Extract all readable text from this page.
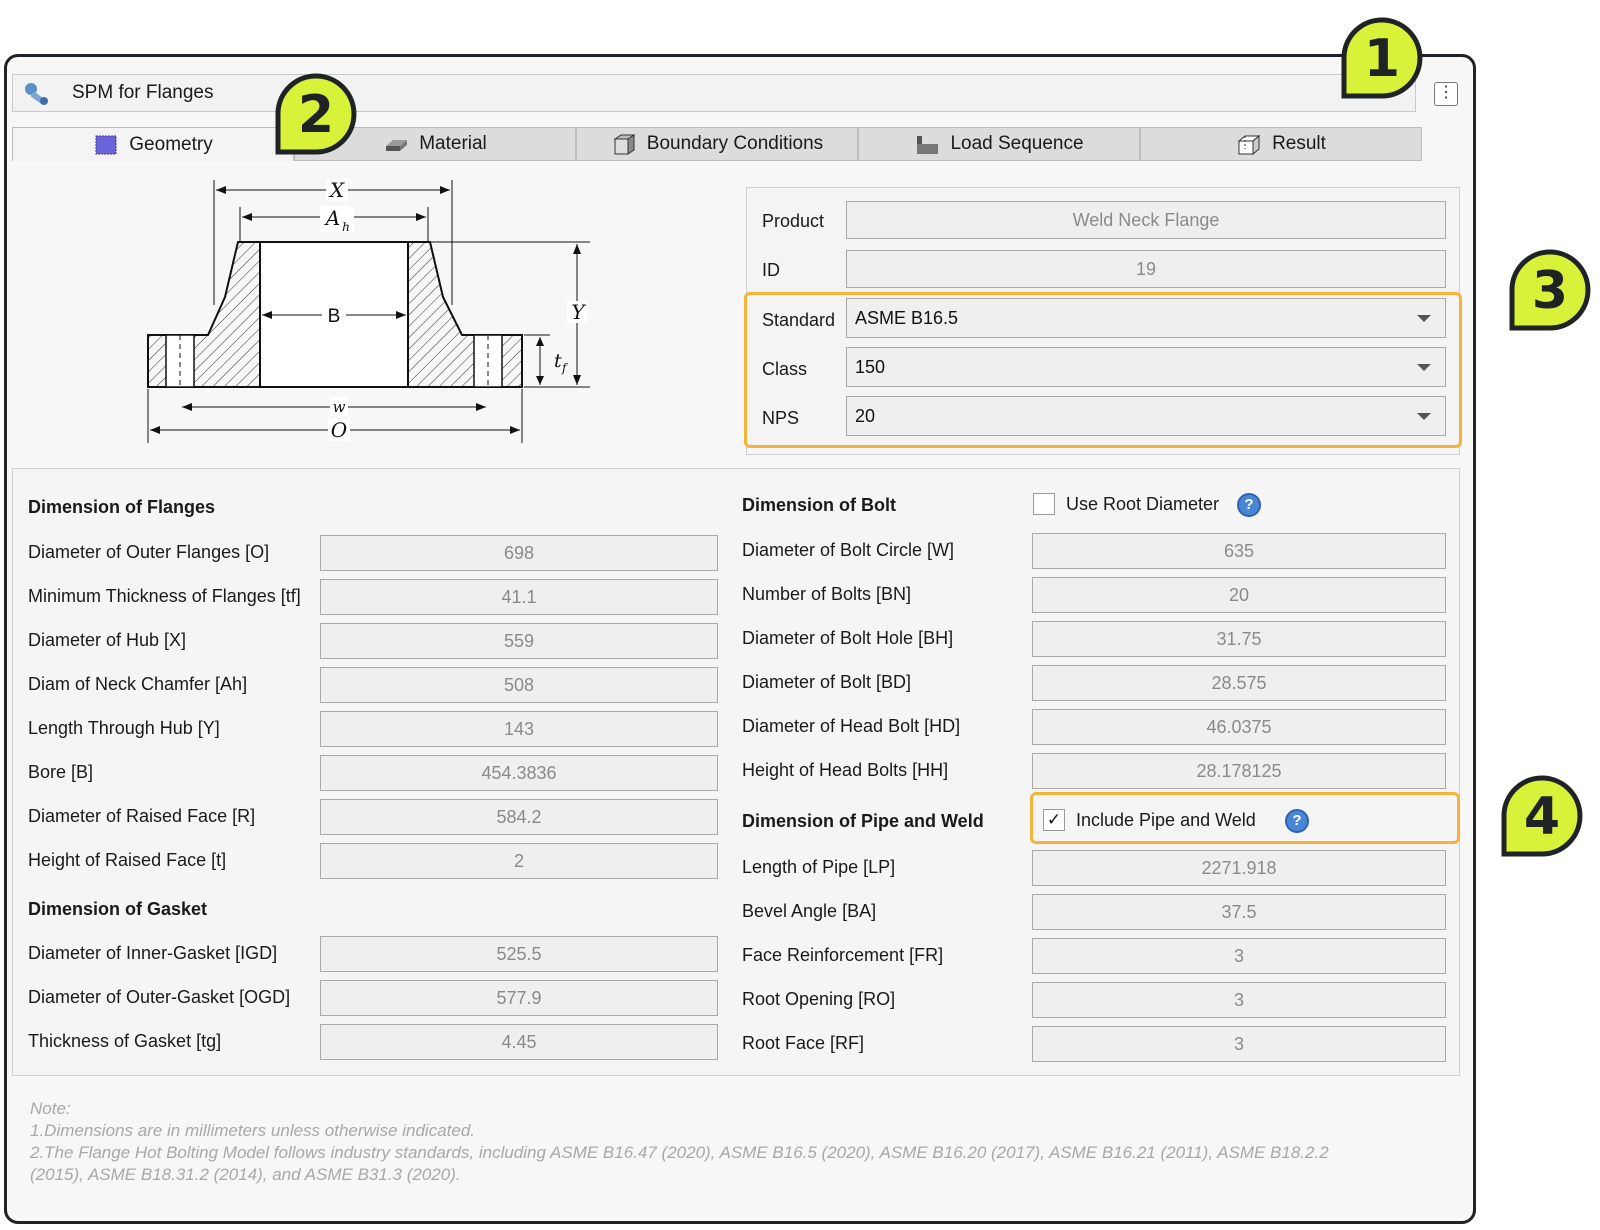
SPM for Flanges	⋮
Geometry	Material	Boundary Conditions	Load Sequence	Result
X
A h
B	Y
t f
w
O
Product	Weld Neck Flange
ID	19
Standard	ASME B16.5
Class	150
NPS	20
Dimension of Flanges
Diameter of Outer Flanges [O]	698
Minimum Thickness of Flanges [tf]	41.1
Diameter of Hub [X]	559
Diam of Neck Chamfer [Ah]	508
Length Through Hub [Y]	143
Bore [B]	454.3836
Diameter of Raised Face [R]	584.2
Height of Raised Face [t]	2
Dimension of Gasket
Diameter of Inner-Gasket [IGD]	525.5
Diameter of Outer-Gasket [OGD]	577.9
Thickness of Gasket [tg]	4.45
Dimension of Bolt	Use Root Diameter	?
Diameter of Bolt Circle [W]	635
Number of Bolts [BN]	20
Diameter of Bolt Hole [BH]	31.75
Diameter of Bolt [BD]	28.575
Diameter of Head Bolt [HD]	46.0375
Height of Head Bolts [HH]	28.178125
Dimension of Pipe and Weld	✓ Include Pipe and Weld	?
Length of Pipe [LP]	2271.918
Bevel Angle [BA]	37.5
Face Reinforcement [FR]	3
Root Opening [RO]	3
Root Face [RF]	3
Note:
1.Dimensions are in millimeters unless otherwise indicated.
2.The Flange Hot Bolting Model follows industry standards, including ASME B16.47 (2020), ASME B16.5 (2020), ASME B16.20 (2017), ASME B16.21 (2011), ASME B18.2.2
(2015), ASME B18.31.2 (2014), and ASME B31.3 (2020).
1
2
3
4
